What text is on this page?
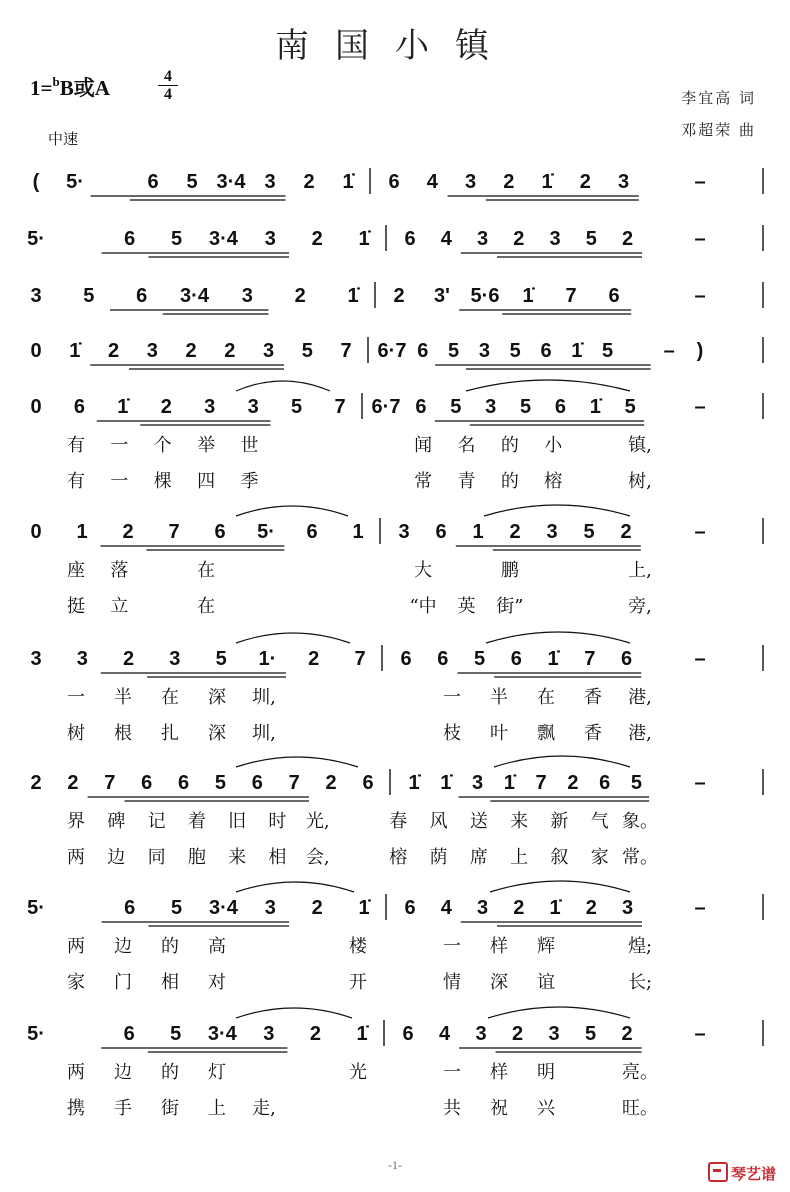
南国小镇
1=$^b$B或A	$\frac{4}{4}$	李宜高 词
邓超荣 曲
中速
( 5·	6 5 3·4 3 2 1̇ 6 4 3 2 1̇ 2 3	–
5·	6 5 3·4 3 2 1̇ 6 4 3 2 3 5 2	–
3 5 6 3·4 3 2 1̇ 2 3' 5·6 1̇ 7 6	–
0 1̇ 2 3 2 2 3 5 7 6·7 6 5 3 5 6 1̇ 5	– )
0 6 1̇ 2 3 3 5 7 6·7 6 5 3 5 6 1̇ 5	–
有 一 个 举 世	闻 名 的 小	镇,
有 一 棵 四 季	常 青 的 榕	树,
0 1 2 7 6 5· 6 1 3 6 1 2 3 5 2	–
座 落	在	大	鹏	上,
挺 立	在	“中 英 街”	旁,
3 3 2 3 5 1· 2 7 6 6 5 6 1̇ 7 6	–
一 半 在 深 圳,	一 半 在 香 港,
树 根 扎 深 圳,	枝 叶 飘 香 港,
2 2 7 6 6 5 6 7 2 6 1̇ 1̇ 3 1̇ 7 2 6 5	–
界 碑 记 着 旧 时 光,	春 风 送 来 新 气 象。
两 边 同 胞 来 相 会,	榕 荫 席 上 叙 家 常。
5·	6 5 3·4 3 2 1̇ 6 4 3 2 1̇ 2 3	–
两 边 的 高	楼	一 样 辉	煌;
家 门 相 对	开	情 深 谊	长;
5·	6 5 3·4 3 2 1̇ 6 4 3 2 3 5 2	–
两 边 的 灯	光	一 样 明	亮。
携 手 街 上 走,	共 祝 兴	旺。
-1-	琴艺谱
